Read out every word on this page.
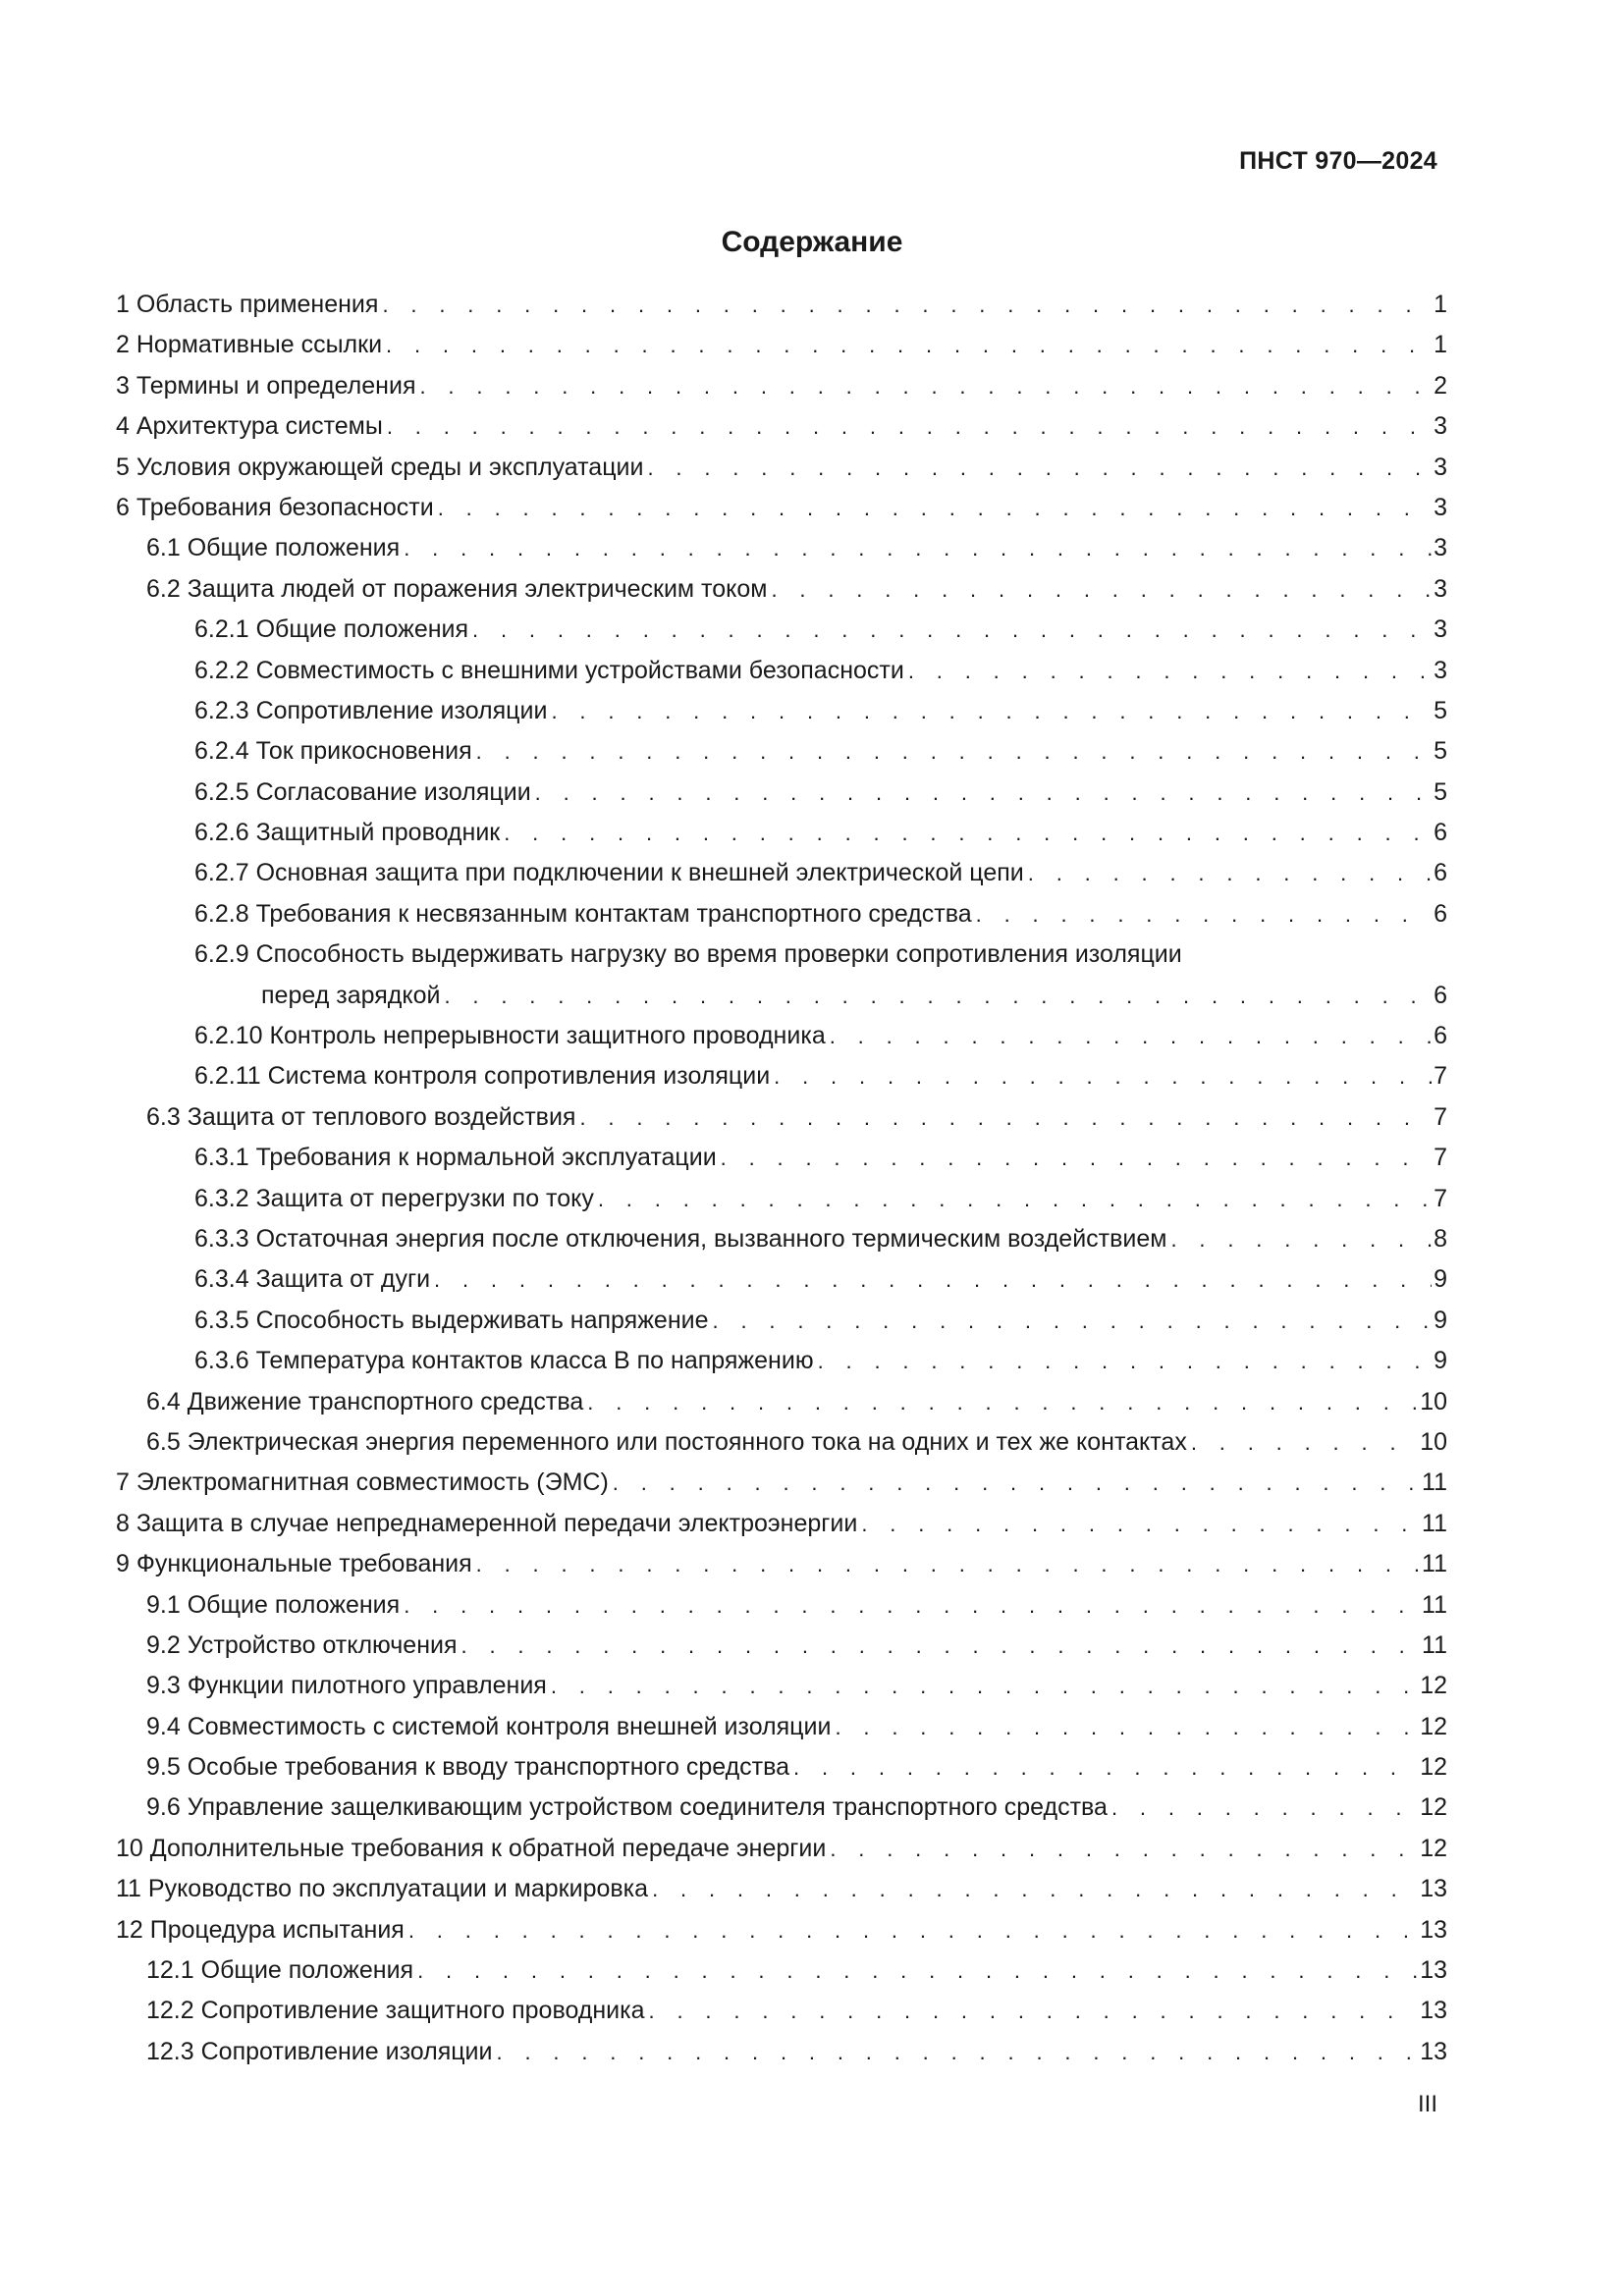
ПНСТ 970—2024
Содержание
1 Область применения . . .	1
2 Нормативные ссылки . . .	1
3 Термины и определения . . .	2
4 Архитектура системы . . .	3
5 Условия окружающей среды и эксплуатации . . .	3
6 Требования безопасности . . .	3
6.1 Общие положения . . .	3
6.2 Защита людей от поражения электрическим током . . .	3
6.2.1 Общие положения . . .	3
6.2.2 Совместимость с внешними устройствами безопасности . . .	3
6.2.3 Сопротивление изоляции . . .	5
6.2.4 Ток прикосновения . . .	5
6.2.5 Согласование изоляции . . .	5
6.2.6 Защитный проводник . . .	6
6.2.7 Основная защита при подключении к внешней электрической цепи . . .	6
6.2.8 Требования к несвязанным контактам транспортного средства . . .	6
6.2.9 Способность выдерживать нагрузку во время проверки сопротивления изоляции
перед зарядкой . . .	6
6.2.10 Контроль непрерывности защитного проводника . . .	6
6.2.11 Система контроля сопротивления изоляции . . .	7
6.3 Защита от теплового воздействия . . .	7
6.3.1 Требования к нормальной эксплуатации . . .	7
6.3.2 Защита от перегрузки по току . . .	7
6.3.3 Остаточная энергия после отключения, вызванного термическим воздействием . . .	8
6.3.4 Защита от дуги . . .	9
6.3.5 Способность выдерживать напряжение . . .	9
6.3.6 Температура контактов класса В по напряжению . . .	9
6.4 Движение транспортного средства . . .	10
6.5 Электрическая энергия переменного или постоянного тока на одних и тех же контактах . . .	10
7 Электромагнитная совместимость (ЭМС) . . .	11
8 Защита в случае непреднамеренной передачи электроэнергии . . .	11
9 Функциональные требования . . .	11
9.1 Общие положения . . .	11
9.2 Устройство отключения . . .	11
9.3 Функции пилотного управления . . .	12
9.4 Совместимость с системой контроля внешней изоляции . . .	12
9.5 Особые требования к вводу транспортного средства . . .	12
9.6 Управление защелкивающим устройством соединителя транспортного средства . . .	12
10 Дополнительные требования к обратной передаче энергии . . .	12
11 Руководство по эксплуатации и маркировка . . .	13
12 Процедура испытания . . .	13
12.1 Общие положения . . .	13
12.2 Сопротивление защитного проводника . . .	13
12.3 Сопротивление изоляции . . .	13
III
